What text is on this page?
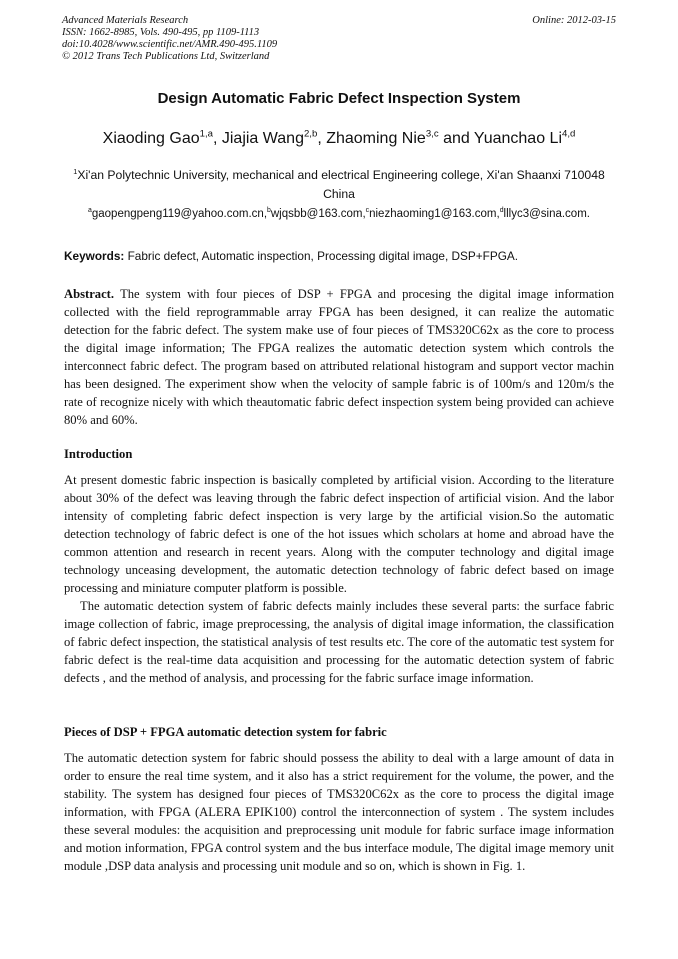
Advanced Materials Research
ISSN: 1662-8985, Vols. 490-495, pp 1109-1113
doi:10.4028/www.scientific.net/AMR.490-495.1109
© 2012 Trans Tech Publications Ltd, Switzerland
Online: 2012-03-15
Design Automatic Fabric Defect Inspection System
Xiaoding Gao$^{1,a}$, Jiajia Wang$^{2,b}$, Zhaoming Nie$^{3,c}$ and Yuanchao Li$^{4,d}$
$^1$Xi'an Polytechnic University, mechanical and electrical Engineering college, Xi'an Shaanxi 710048 China
$^a$gaopengpeng119@yahoo.com.cn,$^b$wjqsbb@163.com,$^c$niezhaoming1@163.com,$^d$lllyc3@sina.com.
Keywords: Fabric defect, Automatic inspection, Processing digital image, DSP+FPGA.
Abstract. The system with four pieces of DSP + FPGA and procesing the digital image information collected with the field reprogrammable array FPGA has been designed, it can realize the automatic detection for the fabric defect. The system make use of four pieces of TMS320C62x as the core to process the digital image information; The FPGA realizes the automatic detection system which controls the interconnect fabric defect. The program based on attributed relational histogram and support vector machin has been designed. The experiment show when the velocity of sample fabric is of 100m/s and 120m/s the rate of recognize nicely with which theautomatic fabric defect inspection system being provided can achieve 80% and 60%.
Introduction
At present domestic fabric inspection is basically completed by artificial vision. According to the literature about 30% of the defect was leaving through the fabric defect inspection of artificial vision. And the labor intensity of completing fabric defect inspection is very large by the artificial vision.So the automatic detection technology of fabric defect is one of the hot issues which scholars at home and abroad have the common attention and research in recent years. Along with the computer technology and digital image technology unceasing development, the automatic detection technology of fabric defect based on image processing and miniature computer platform is possible.
The automatic detection system of fabric defects mainly includes these several parts: the surface fabric image collection of fabric, image preprocessing, the analysis of digital image information, the classification of fabric defect inspection, the statistical analysis of test results etc. The core of the automatic test system for fabric defect is the real-time data acquisition and processing for the automatic detection system of fabric defects , and the method of analysis, and processing for the fabric surface image information.
Pieces of DSP + FPGA automatic detection system for fabric
The automatic detection system for fabric should possess the ability to deal with a large amount of data in order to ensure the real time system, and it also has a strict requirement for the volume, the power, and the stability. The system has designed four pieces of TMS320C62x as the core to process the digital image information, with FPGA (ALERA EPIK100) control the interconnection of system . The system includes these several modules: the acquisition and preprocessing unit module for fabric surface image information and motion information, FPGA control system and the bus interface module, The digital image memory unit module ,DSP data analysis and processing unit module and so on, which is shown in Fig. 1.
